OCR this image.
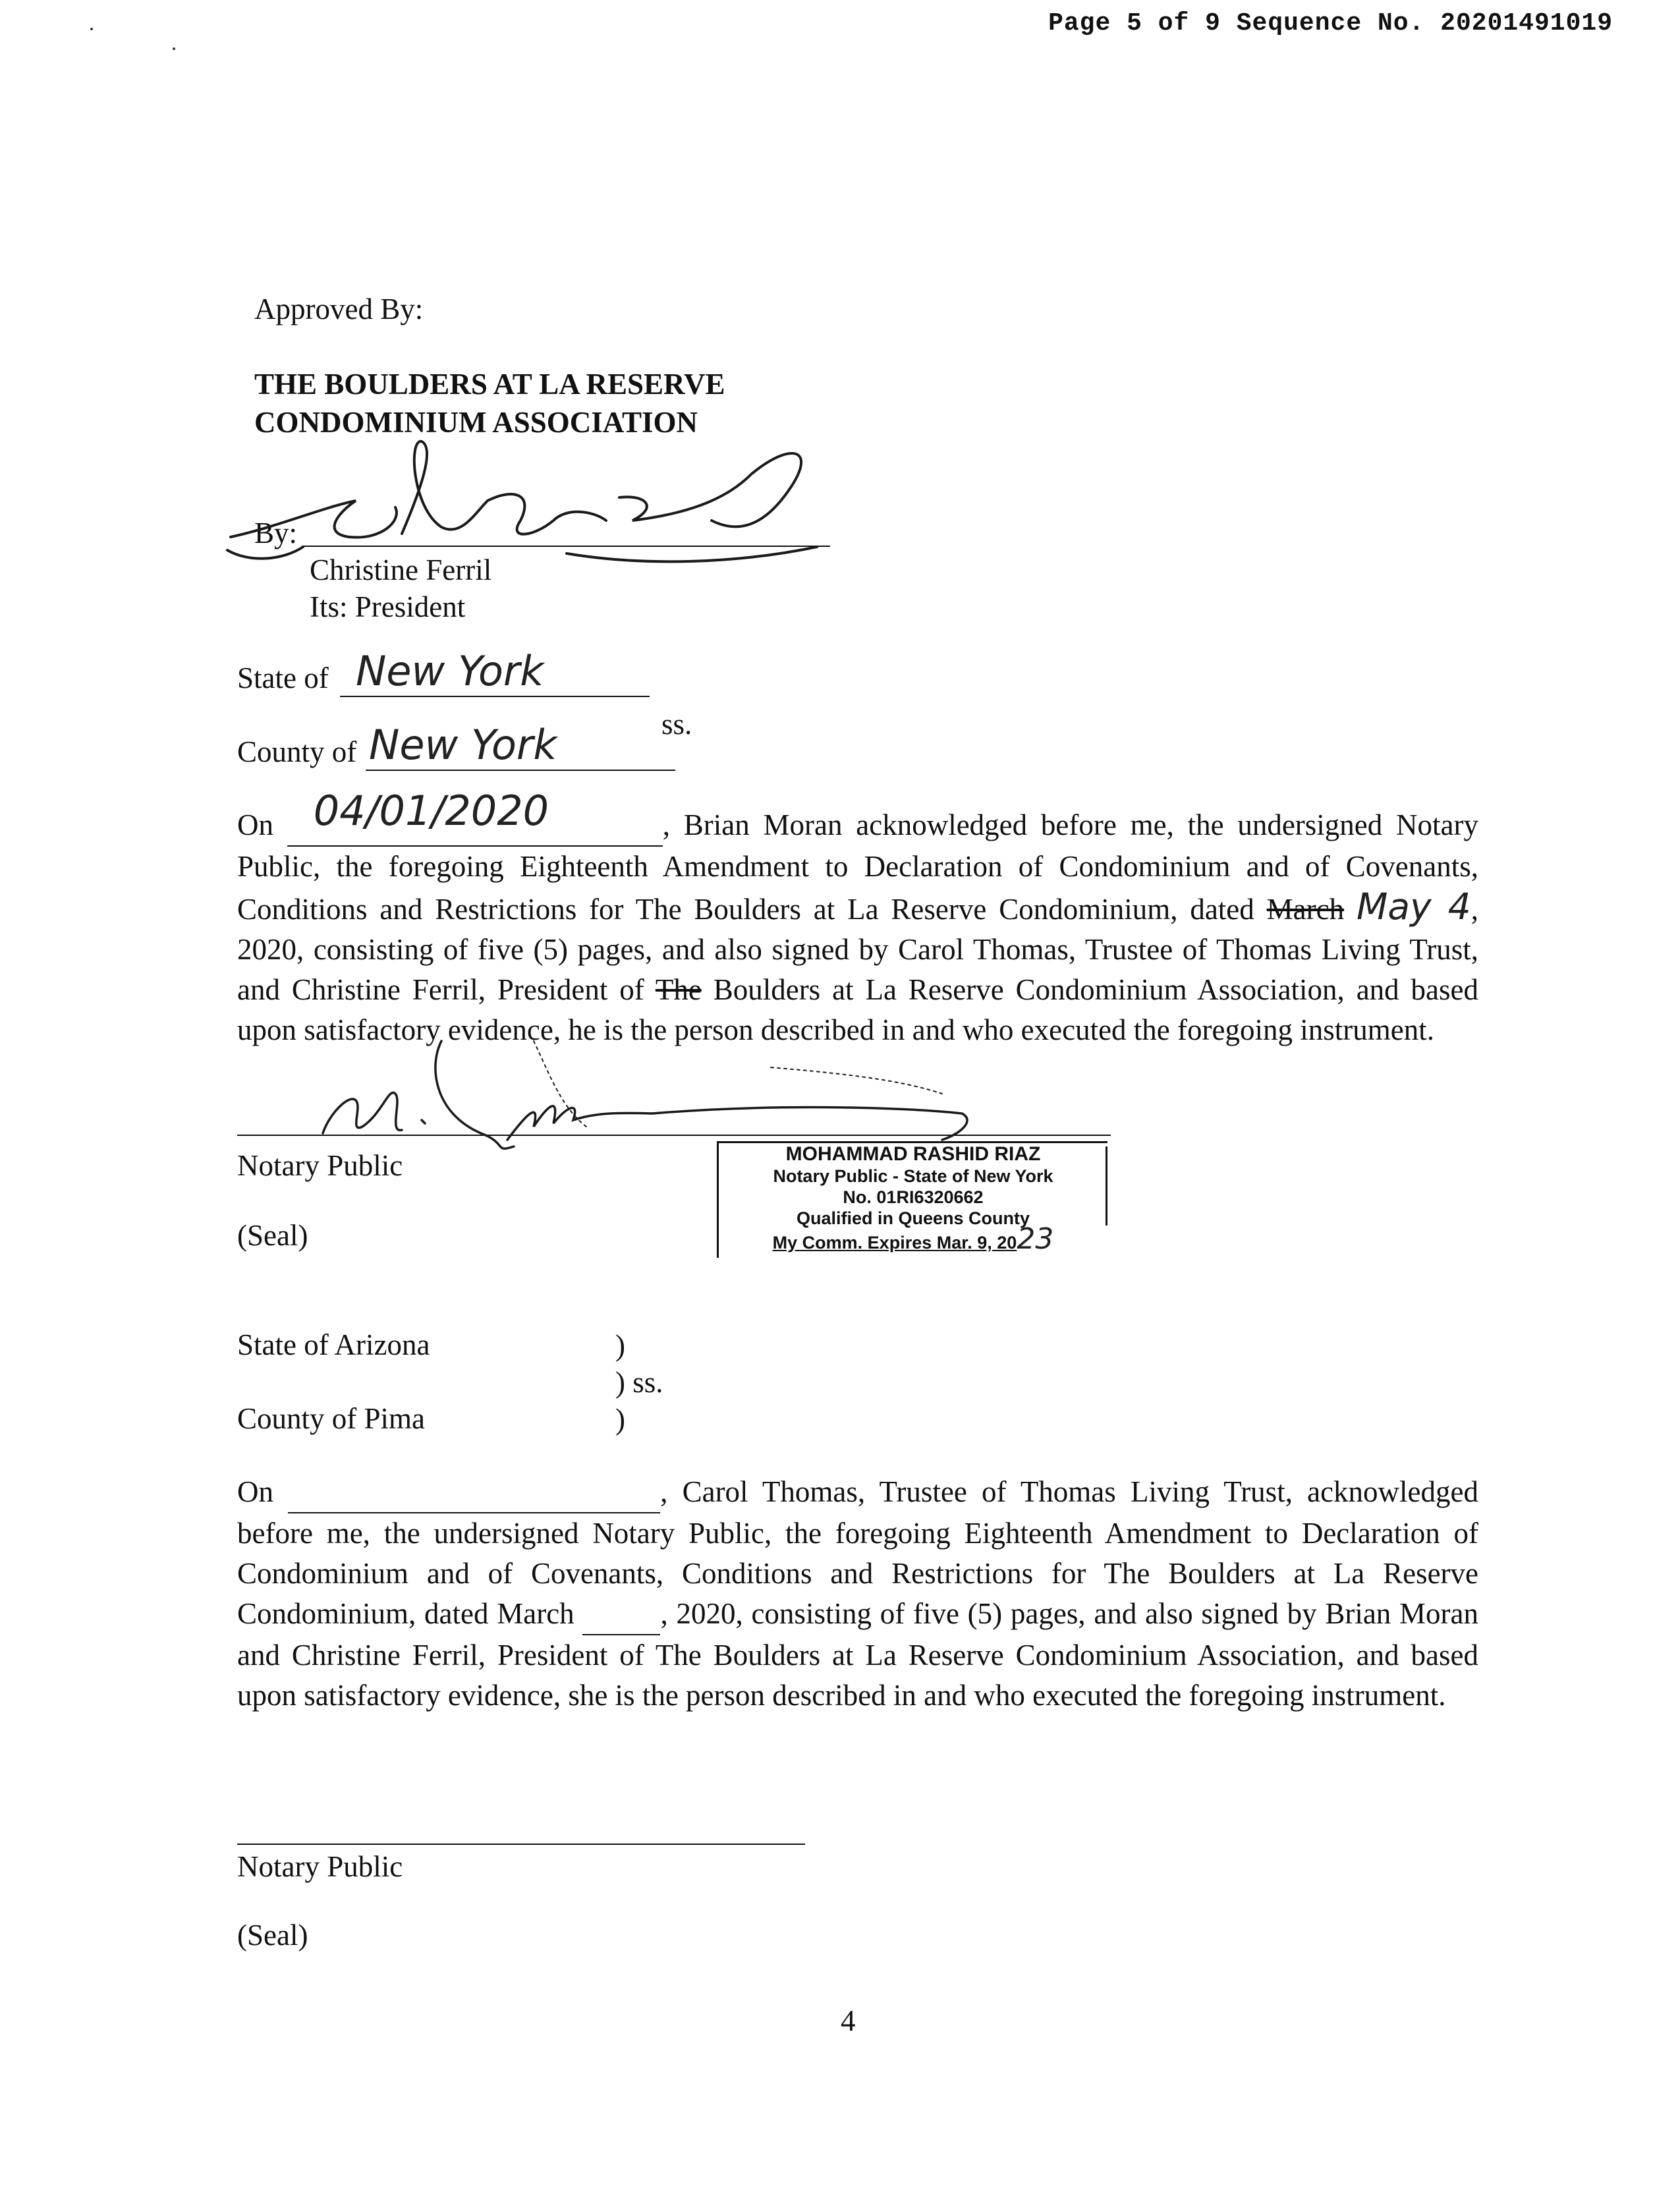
Page 5 of 9 Sequence No. 20201491019
Approved By:
THE BOULDERS AT LA RESERVE
CONDOMINIUM ASSOCIATION
By:
Christine Ferril
Its: President
State of New York
County of New York	ss.
On 04/01/2020	, Brian Moran acknowledged before me, the undersigned Notary Public, the foregoing Eighteenth Amendment to Declaration of Condominium and of Covenants, Conditions and Restrictions for The Boulders at La Reserve Condominium, dated March May 4, 2020, consisting of five (5) pages, and also signed by Carol Thomas, Trustee of Thomas Living Trust, and Christine Ferril, President of The Boulders at La Reserve Condominium Association, and based upon satisfactory evidence, he is the person described in and who executed the foregoing instrument.
Notary Public
(Seal)
MOHAMMAD RASHID RIAZ
Notary Public - State of New York
No. 01RI6320662
Qualified in Queens County
My Comm. Expires Mar. 9, 2023
State of Arizona
County of Pima
)
) ss.
)
On	, Carol Thomas, Trustee of Thomas Living Trust, acknowledged before me, the undersigned Notary Public, the foregoing Eighteenth Amendment to Declaration of Condominium and of Covenants, Conditions and Restrictions for The Boulders at La Reserve Condominium, dated March	, 2020, consisting of five (5) pages, and also signed by Brian Moran and Christine Ferril, President of The Boulders at La Reserve Condominium Association, and based upon satisfactory evidence, she is the person described in and who executed the foregoing instrument.
Notary Public
(Seal)
4
